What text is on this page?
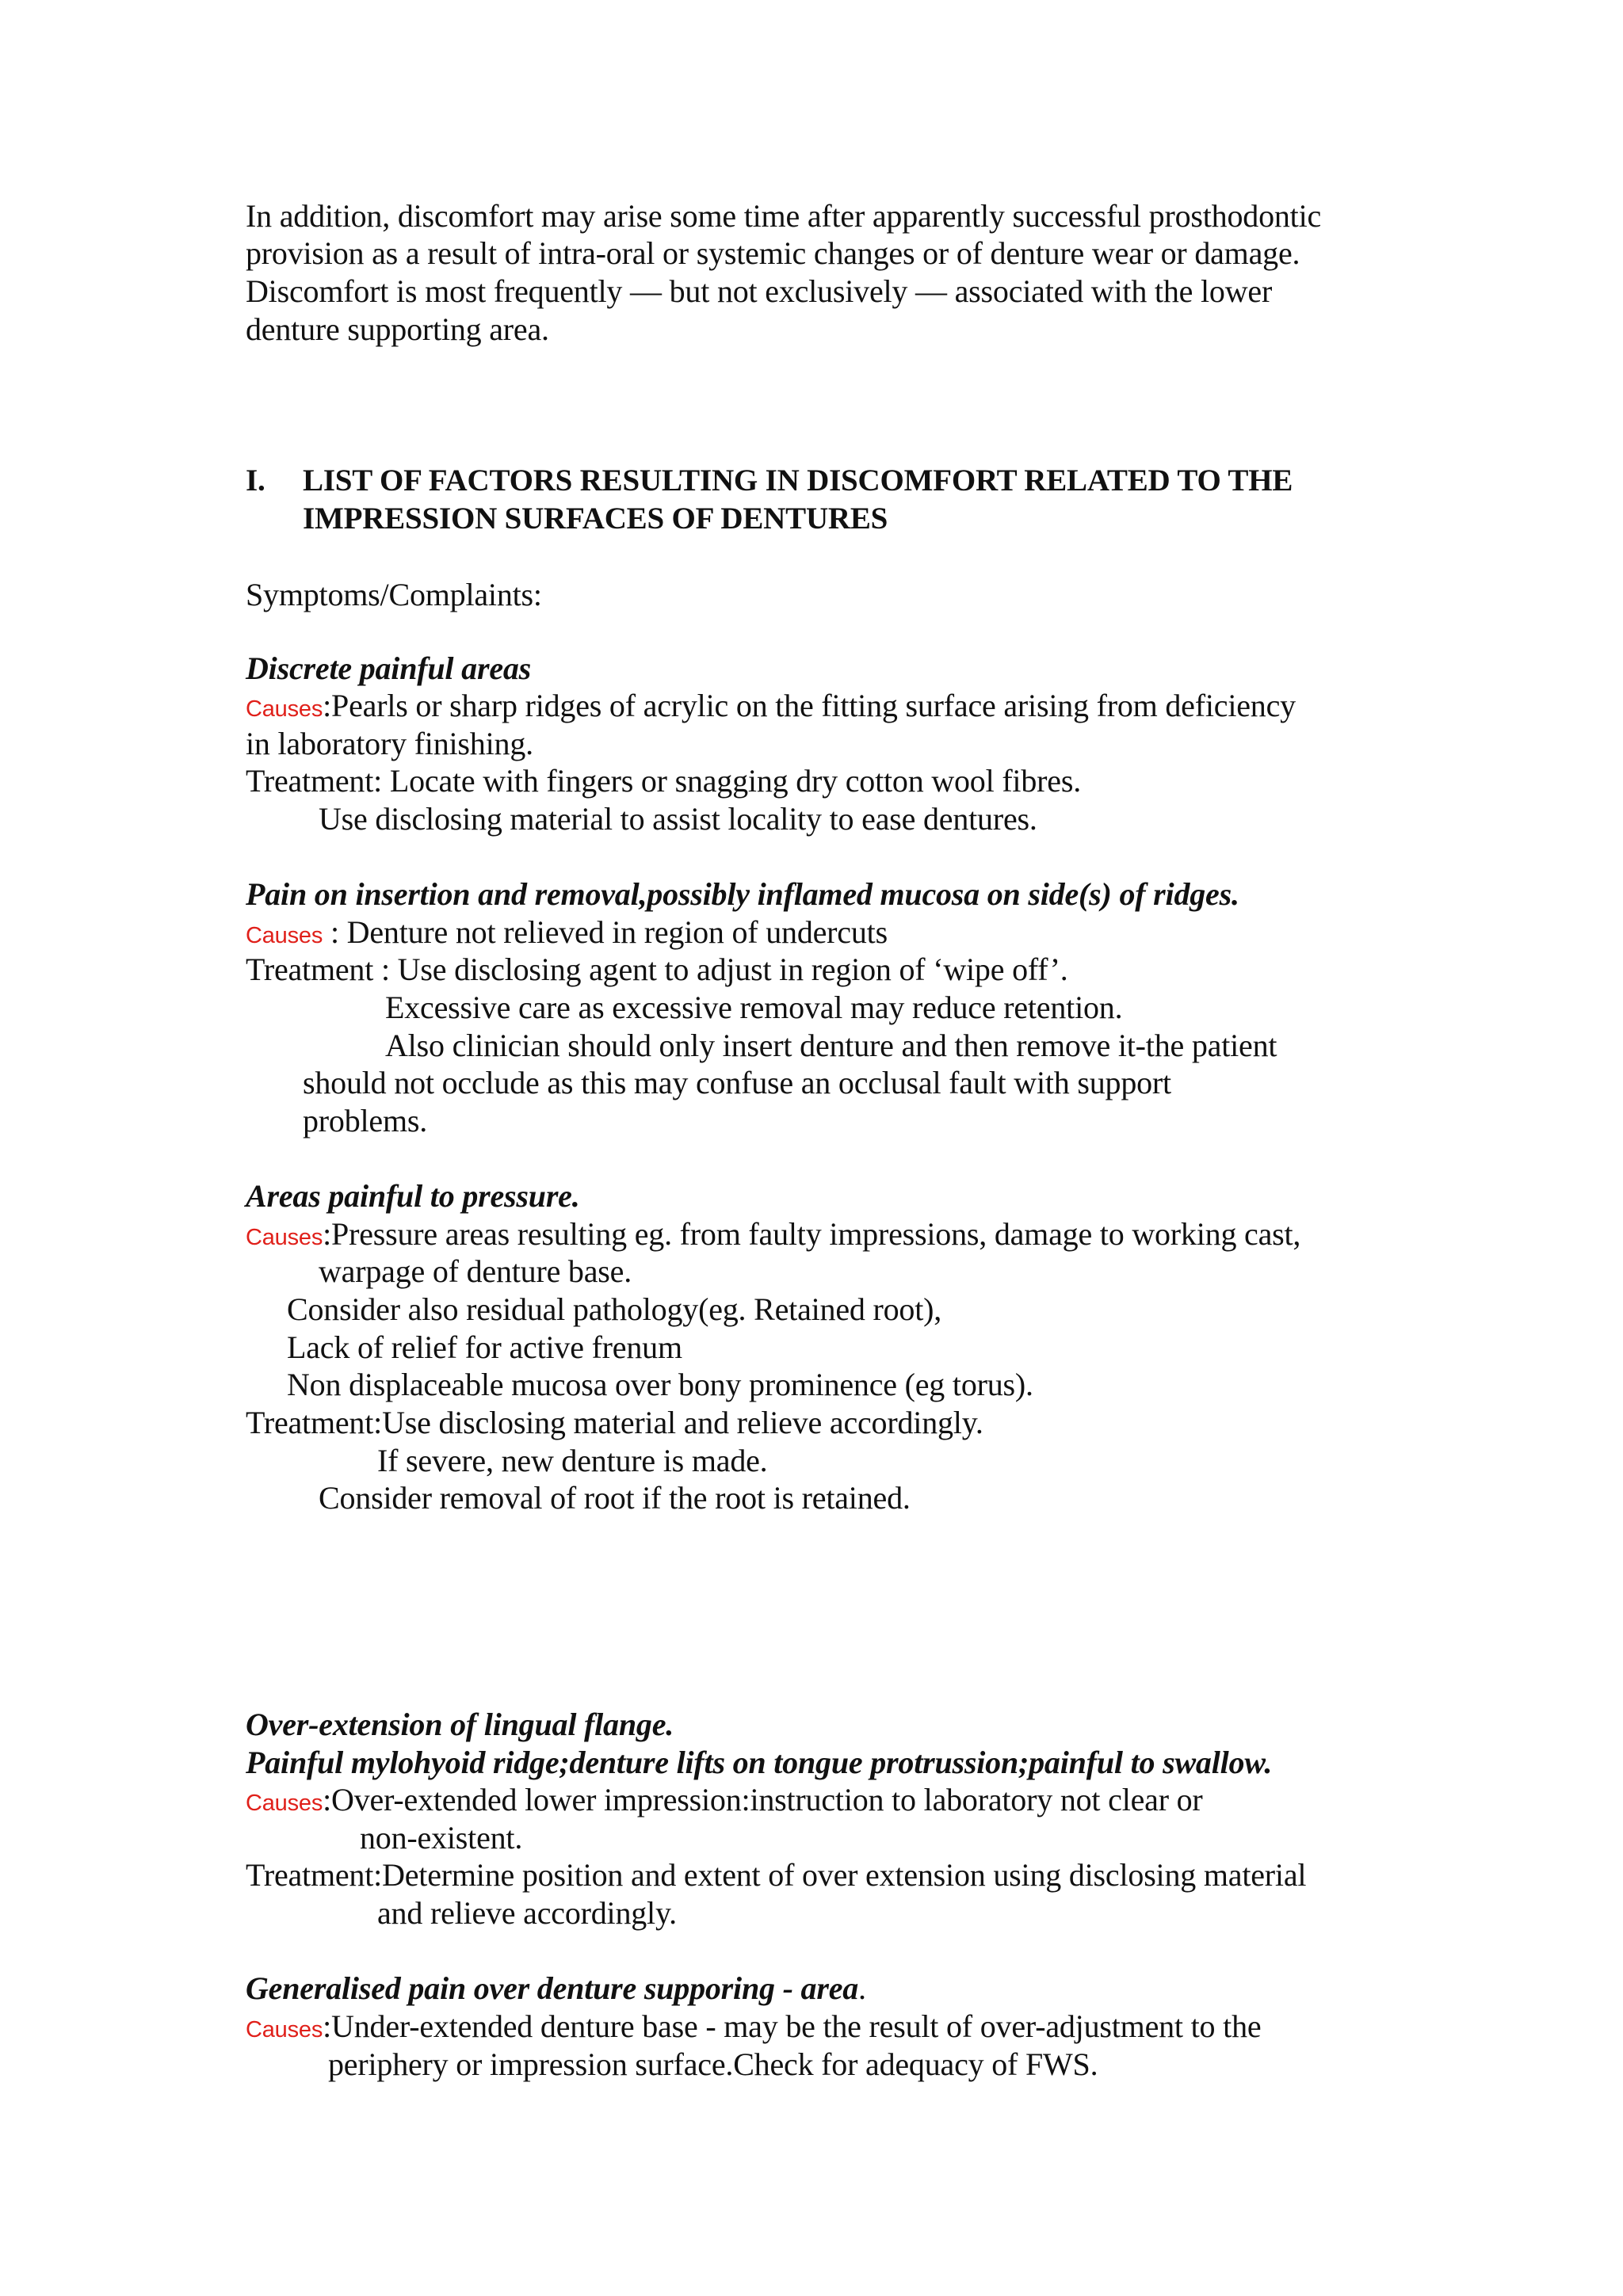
In addition, discomfort may arise some time after apparently successful prosthodontic
provision as a result of intra-oral or systemic changes or of denture wear or damage.
Discomfort is most frequently — but not exclusively — associated with the lower
denture supporting area.
I. LIST OF FACTORS RESULTING IN DISCOMFORT RELATED TO THE
IMPRESSION SURFACES OF DENTURES
Symptoms/Complaints:
Discrete painful areas
Causes:Pearls or sharp ridges of acrylic on the fitting surface arising from deficiency
in laboratory finishing.
Treatment: Locate with fingers or snagging dry cotton wool fibres.
Use disclosing material to assist locality to ease dentures.
Pain on insertion and removal,possibly inflamed mucosa on side(s) of ridges.
Causes : Denture not relieved in region of undercuts
Treatment : Use disclosing agent to adjust in region of ‘wipe off’.
Excessive care as excessive removal may reduce retention.
Also clinician should only insert denture and then remove it-the patient
should not occlude as this may confuse an occlusal fault with support
problems.
Areas painful to pressure.
Causes:Pressure areas resulting eg. from faulty impressions, damage to working cast,
warpage of denture base.
Consider also residual pathology(eg. Retained root),
Lack of relief for active frenum
Non displaceable mucosa over bony prominence (eg torus).
Treatment:Use disclosing material and relieve accordingly.
If severe, new denture is made.
Consider removal of root if the root is retained.
Over-extension of lingual flange.
Painful mylohyoid ridge;denture lifts on tongue protrussion;painful to swallow.
Causes:Over-extended lower impression:instruction to laboratory not clear or
non-existent.
Treatment:Determine position and extent of over extension using disclosing material
and relieve accordingly.
Generalised pain over denture supporing - area.
Causes:Under-extended denture base - may be the result of over-adjustment to the
periphery or impression surface.Check for adequacy of FWS.
